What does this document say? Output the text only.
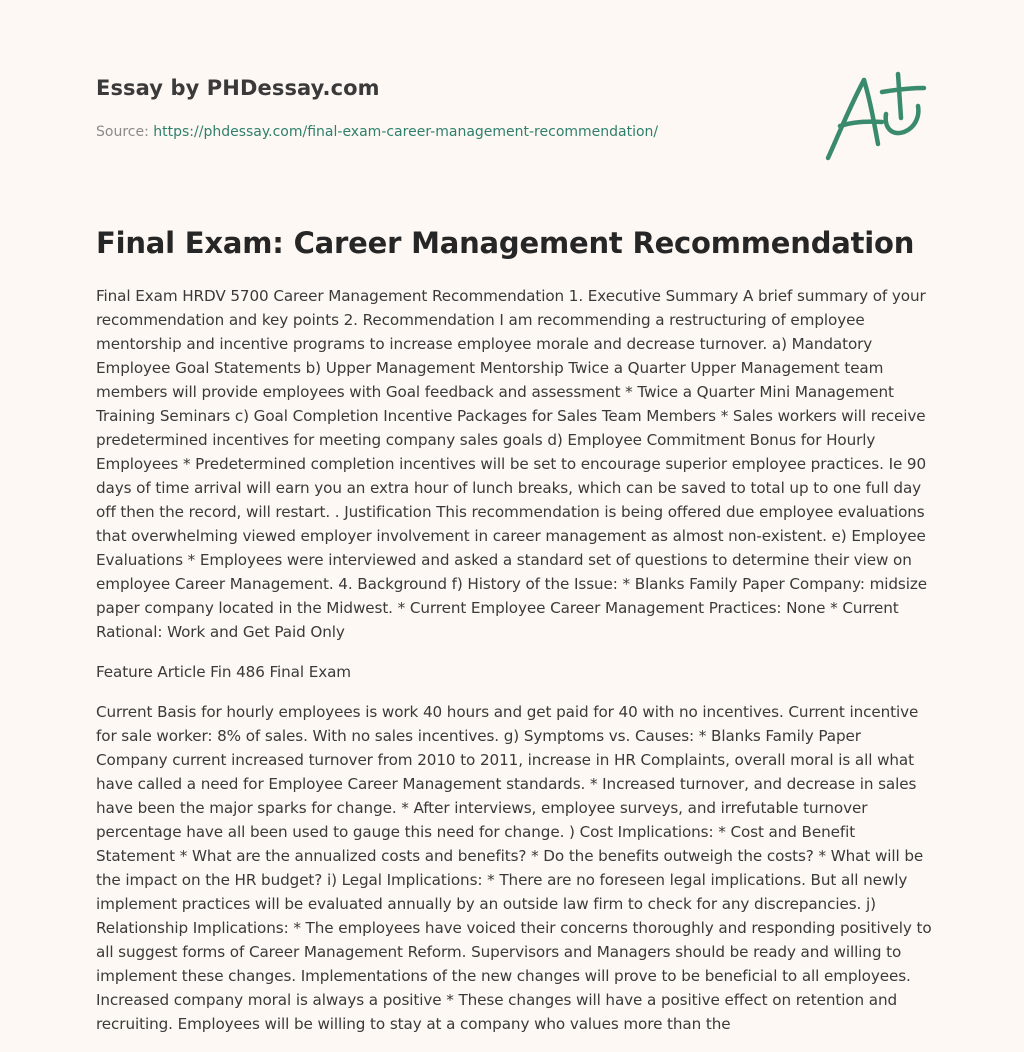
Essay by PHDessay.com
Source: https://phdessay.com/final-exam-career-management-recommendation/
Final Exam: Career Management Recommendation

Final Exam HRDV 5700 Career Management Recommendation 1. Executive Summary A brief summary of your recommendation and key points 2. Recommendation I am recommending a restructuring of employee mentorship and incentive programs to increase employee morale and decrease turnover. a) Mandatory Employee Goal Statements b) Upper Management Mentorship Twice a Quarter Upper Management team members will provide employees with Goal feedback and assessment * Twice a Quarter Mini Management Training Seminars c) Goal Completion Incentive Packages for Sales Team Members * Sales workers will receive predetermined incentives for meeting company sales goals d) Employee Commitment Bonus for Hourly Employees * Predetermined completion incentives will be set to encourage superior employee practices. Ie 90 days of time arrival will earn you an extra hour of lunch breaks, which can be saved to total up to one full day off then the record, will restart. . Justification This recommendation is being offered due employee evaluations that overwhelming viewed employer involvement in career management as almost non-existent. e) Employee Evaluations * Employees were interviewed and asked a standard set of questions to determine their view on employee Career Management. 4. Background f) History of the Issue: * Blanks Family Paper Company: midsize paper company located in the Midwest. * Current Employee Career Management Practices: None * Current Rational: Work and Get Paid Only

Feature Article Fin 486 Final Exam

Current Basis for hourly employees is work 40 hours and get paid for 40 with no incentives. Current incentive for sale worker: 8% of sales. With no sales incentives. g) Symptoms vs. Causes: * Blanks Family Paper Company current increased turnover from 2010 to 2011, increase in HR Complaints, overall moral is all what have called a need for Employee Career Management standards. * Increased turnover, and decrease in sales have been the major sparks for change. * After interviews, employee surveys, and irrefutable turnover percentage have all been used to gauge this need for change. ) Cost Implications: * Cost and Benefit Statement * What are the annualized costs and benefits? * Do the benefits outweigh the costs? * What will be the impact on the HR budget? i) Legal Implications: * There are no foreseen legal implications. But all newly implement practices will be evaluated annually by an outside law firm to check for any discrepancies. j) Relationship Implications: * The employees have voiced their concerns thoroughly and responding positively to all suggest forms of Career Management Reform. Supervisors and Managers should be ready and willing to implement these changes. Implementations of the new changes will prove to be beneficial to all employees. Increased company moral is always a positive * These changes will have a positive effect on retention and recruiting. Employees will be willing to stay at a company who values more than the
